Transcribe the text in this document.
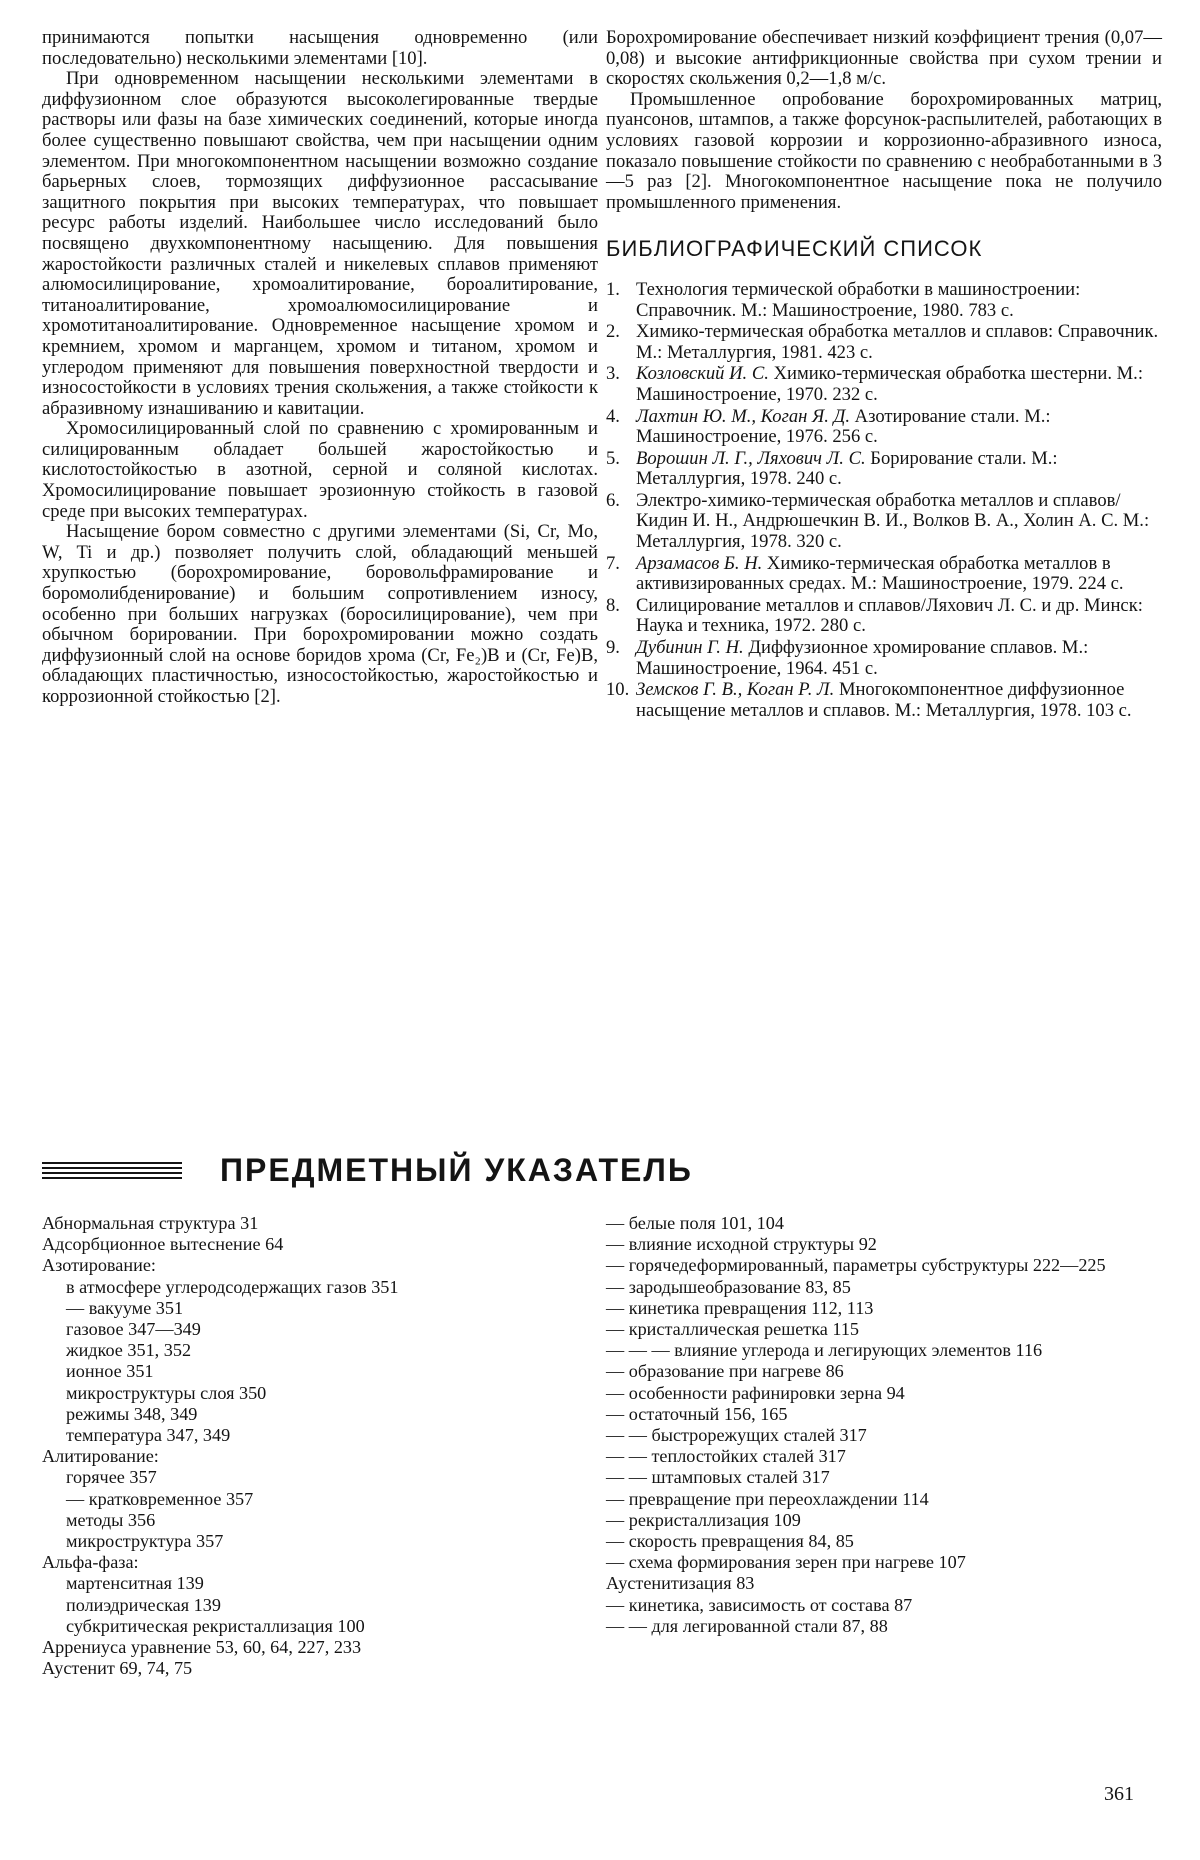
принимаются попытки насыщения одновременно (или последовательно) несколькими элементами [10].

При одновременном насыщении несколькими элементами в диффузионном слое образуются высоколегированные твердые растворы или фазы на базе химических соединений, которые иногда более существенно повышают свойства, чем при насыщении одним элементом. При многокомпонентном насыщении возможно создание барьерных слоев, тормозящих диффузионное рассасывание защитного покрытия при высоких температурах, что повышает ресурс работы изделий. Наибольшее число исследований было посвящено двухкомпонентному насыщению. Для повышения жаростойкости различных сталей и никелевых сплавов применяют алюмосилицирование, хромоалитирование, бороалитирование, титаноалитирование, хромоалюмосилицирование и хромотитаноалитирование. Одновременное насыщение хромом и кремнием, хромом и марганцем, хромом и титаном, хромом и углеродом применяют для повышения поверхностной твердости и износостойкости в условиях трения скольжения, а также стойкости к абразивному изнашиванию и кавитации.

Хромосилицированный слой по сравнению с хромированным и силицированным обладает большей жаростойкостью и кислотостойкостью в азотной, серной и соляной кислотах. Хромосилицирование повышает эрозионную стойкость в газовой среде при высоких температурах.

Насыщение бором совместно с другими элементами (Si, Cr, Mo, W, Ti и др.) позволяет получить слой, обладающий меньшей хрупкостью (борохромирование, боровольфрамирование и боромолибденирование) и большим сопротивлением износу, особенно при больших нагрузках (боросилицирование), чем при обычном борировании. При борохромировании можно создать диффузионный слой на основе боридов хрома (Cr, Fe₂)B и (Cr, Fe)B, обладающих пластичностью, износостойкостью, жаростойкостью и коррозионной стойкостью [2].

Борохромирование обеспечивает низкий коэффициент трения (0,07—0,08) и высокие антифрикционные свойства при сухом трении и скоростях скольжения 0,2—1,8 м/с.

Промышленное опробование борохромированных матриц, пуансонов, штампов, а также форсунок-распылителей, работающих в условиях газовой коррозии и коррозионно-абразивного износа, показало повышение стойкости по сравнению с необработанными в 3—5 раз [2]. Многокомпонентное насыщение пока не получило промышленного применения.

БИБЛИОГРАФИЧЕСКИЙ СПИСОК
1. Технология термической обработки в машиностроении: Справочник. М.: Машиностроение, 1980. 783 с.
2. Химико-термическая обработка металлов и сплавов: Справочник. М.: Металлургия, 1981. 423 с.
3. Козловский И. С. Химико-термическая обработка шестерни. М.: Машиностроение, 1970. 232 с.
4. Лахтин Ю. М., Коган Я. Д. Азотирование стали. М.: Машиностроение, 1976. 256 с.
5. Ворошин Л. Г., Ляхович Л. С. Борирование стали. М.: Металлургия, 1978. 240 с.
6. Электро-химико-термическая обработка металлов и сплавов/Кидин И. Н., Андрюшечкин В. И., Волков В. А., Холин А. С. М.: Металлургия, 1978. 320 с.
7. Арзамасов Б. Н. Химико-термическая обработка металлов в активизированных средах. М.: Машиностроение, 1979. 224 с.
8. Силицирование металлов и сплавов/Ляхович Л. С. и др. Минск: Наука и техника, 1972. 280 с.
9. Дубинин Г. Н. Диффузионное хромирование сплавов. М.: Машиностроение, 1964. 451 с.
10. Земсков Г. В., Коган Р. Л. Многокомпонентное диффузионное насыщение металлов и сплавов. М.: Металлургия, 1978. 103 с.
ПРЕДМЕТНЫЙ УКАЗАТЕЛЬ
Абнормальная структура 31
Адсорбционное вытеснение 64
Азотирование:
в атмосфере углеродсодержащих газов 351
— вакууме 351
газовое 347—349
жидкое 351, 352
ионное 351
микроструктуры слоя 350
режимы 348, 349
температура 347, 349
Алитирование:
горячее 357
— кратковременное 357
методы 356
микроструктура 357
Альфа-фаза:
мартенситная 139
полиэдрическая 139
субкритическая рекристаллизация 100
Аррениуса уравнение 53, 60, 64, 227, 233
Аустенит 69, 74, 75
— белые поля 101, 104
— влияние исходной структуры 92
— горячедеформированный, параметры субструктуры 222—225
— зародышеобразование 83, 85
— кинетика превращения 112, 113
— кристаллическая решетка 115
— — — влияние углерода и легирующих элементов 116
— образование при нагреве 86
— особенности рафинировки зерна 94
— остаточный 156, 165
— — быстрорежущих сталей 317
— — теплостойких сталей 317
— — штамповых сталей 317
— превращение при переохлаждении 114
— рекристаллизация 109
— скорость превращения 84, 85
— схема формирования зерен при нагреве 107
Аустенитизация 83
— кинетика, зависимость от состава 87
— — для легированной стали 87, 88
361
